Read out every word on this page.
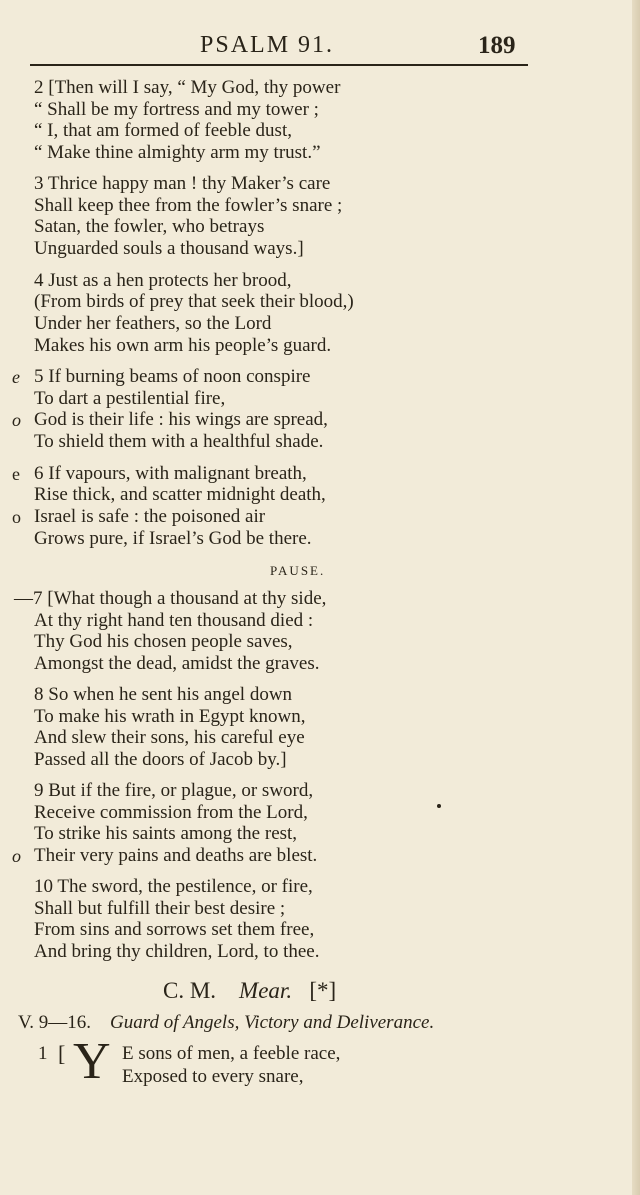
PSALM 91.	189
2 [Then will I say, “ My God, thy power
“ Shall be my fortress and my tower ;
“ I, that am formed of feeble dust,
“ Make thine almighty arm my trust.”
3 Thrice happy man ! thy Maker’s care
Shall keep thee from the fowler’s snare ;
Satan, the fowler, who betrays
Unguarded souls a thousand ways.]
4 Just as a hen protects her brood,
(From birds of prey that seek their blood,)
Under her feathers, so the Lord
Makes his own arm his people’s guard.
e 5 If burning beams of noon conspire
To dart a pestilential fire,
o God is their life : his wings are spread,
To shield them with a healthful shade.
e 6 If vapours, with malignant breath,
Rise thick, and scatter midnight death,
o Israel is safe : the poisoned air
Grows pure, if Israel’s God be there.
PAUSE.
—7 [What though a thousand at thy side,
At thy right hand ten thousand died :
Thy God his chosen people saves,
Amongst the dead, amidst the graves.
8 So when he sent his angel down
To make his wrath in Egypt known,
And slew their sons, his careful eye
Passed all the doors of Jacob by.]
9 But if the fire, or plague, or sword,
Receive commission from the Lord,
To strike his saints among the rest,
o Their very pains and deaths are blest.
10 The sword, the pestilence, or fire,
Shall but fulfill their best desire ;
From sins and sorrows set them free,
And bring thy children, Lord, to thee.
C. M. Mear. [*]
V. 9—16. Guard of Angels, Victory and Deliverance.
1 [ Y E sons of men, a feeble race,
Exposed to every snare,
